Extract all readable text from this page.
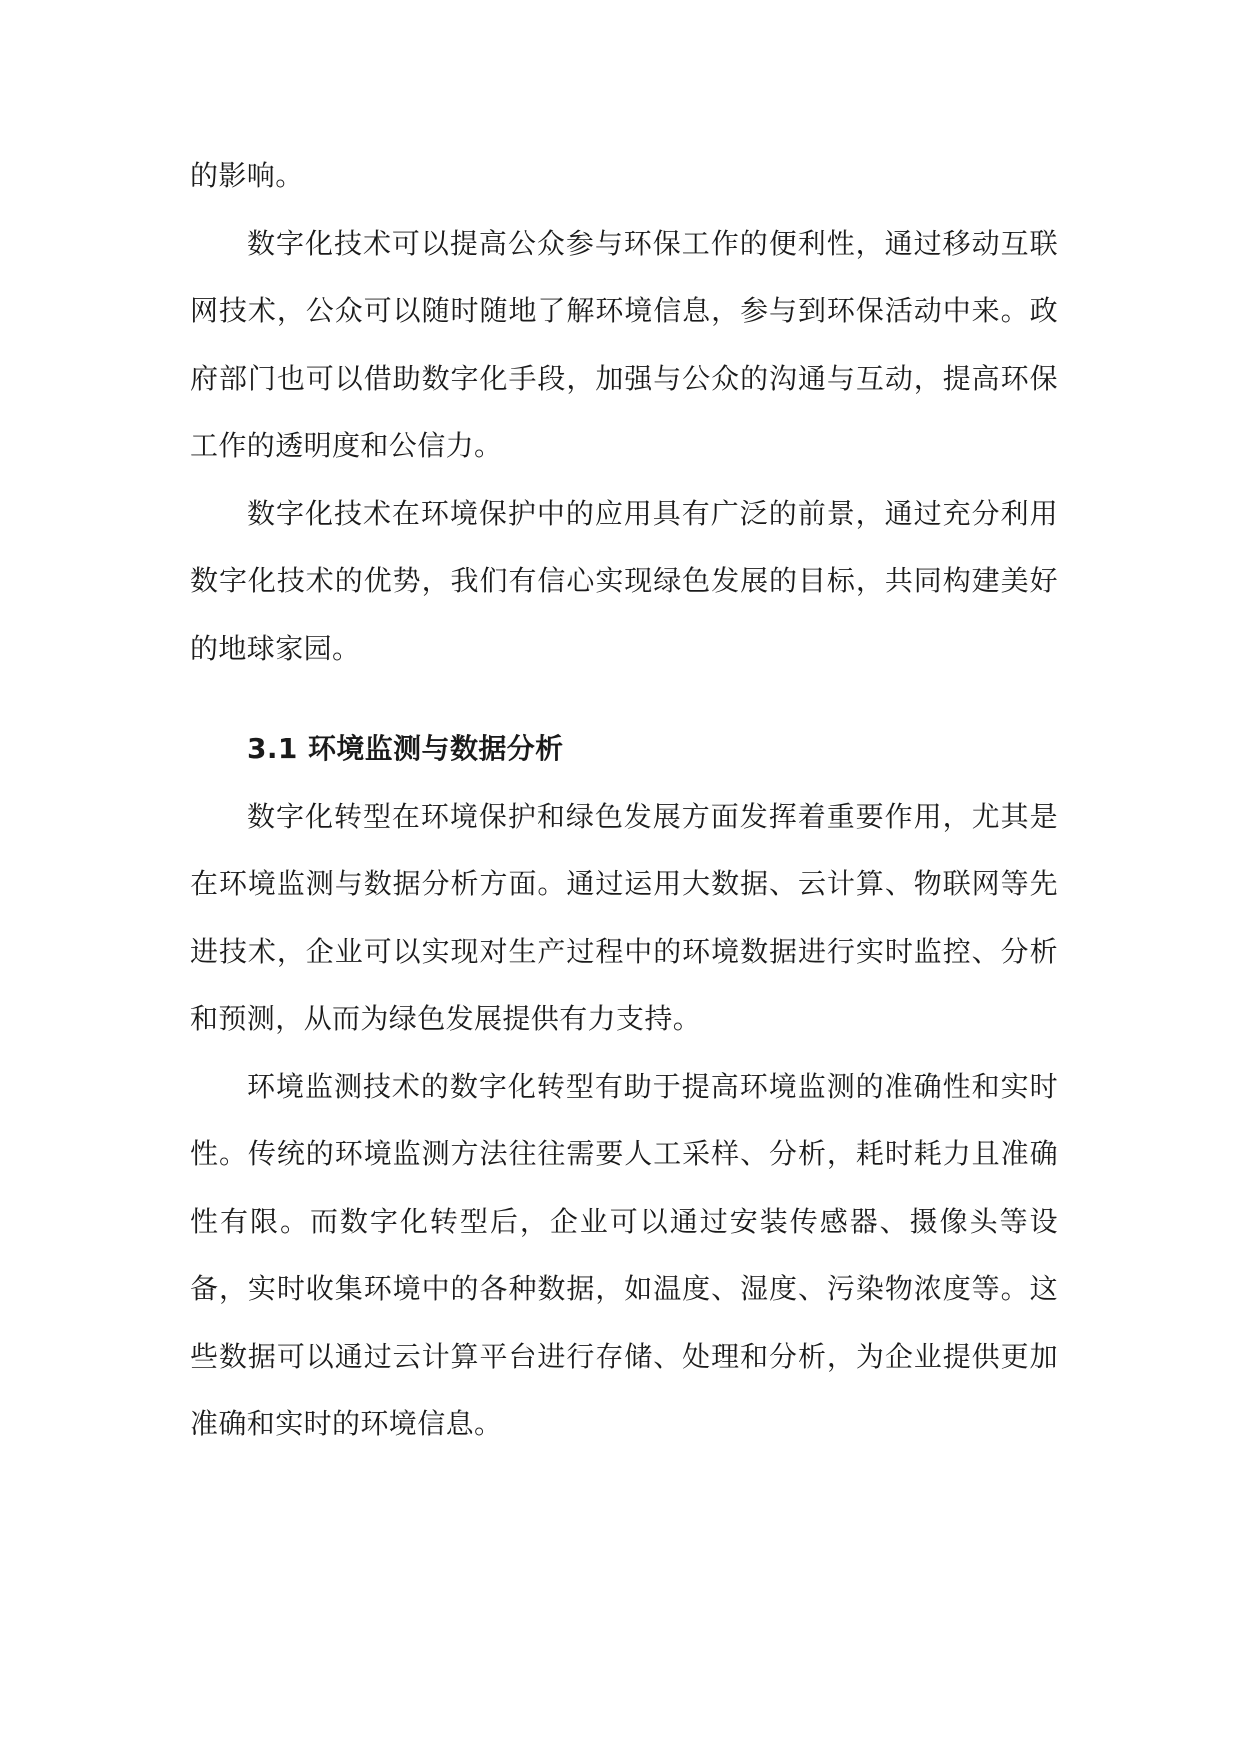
的影响。

数字化技术可以提高公众参与环保工作的便利性，通过移动互联网技术，公众可以随时随地了解环境信息，参与到环保活动中来。政府部门也可以借助数字化手段，加强与公众的沟通与互动，提高环保工作的透明度和公信力。

数字化技术在环境保护中的应用具有广泛的前景，通过充分利用数字化技术的优势，我们有信心实现绿色发展的目标，共同构建美好的地球家园。

3.1 环境监测与数据分析

数字化转型在环境保护和绿色发展方面发挥着重要作用，尤其是在环境监测与数据分析方面。通过运用大数据、云计算、物联网等先进技术，企业可以实现对生产过程中的环境数据进行实时监控、分析和预测，从而为绿色发展提供有力支持。

环境监测技术的数字化转型有助于提高环境监测的准确性和实时性。传统的环境监测方法往往需要人工采样、分析，耗时耗力且准确性有限。而数字化转型后，企业可以通过安装传感器、摄像头等设备，实时收集环境中的各种数据，如温度、湿度、污染物浓度等。这些数据可以通过云计算平台进行存储、处理和分析，为企业提供更加准确和实时的环境信息。
